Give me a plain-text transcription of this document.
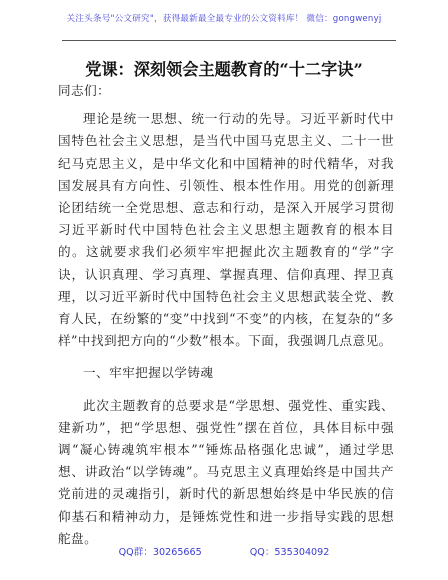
关注头条号"公文研究"，获得最新最全最专业的公文资料库！ 微信：gongwenyj
党课：深刻领会主题教育的“十二字诀”

同志们：

理论是统一思想、统一行动的先导。习近平新时代中国特色社会主义思想，是当代中国马克思主义、二十一世纪马克思主义，是中华文化和中国精神的时代精华，对我国发展具有方向性、引领性、根本性作用。用党的创新理论团结统一全党思想、意志和行动，是深入开展学习贯彻习近平新时代中国特色社会主义思想主题教育的根本目的。这就要求我们必须牢牢把握此次主题教育的“学”字诀，认识真理、学习真理、掌握真理、信仰真理、捍卫真理，以习近平新时代中国特色社会主义思想武装全党、教育人民，在纷繁的“变”中找到“不变”的内核，在复杂的“多样”中找到把方向的“少数”根本。下面，我强调几点意见。

一、牢牢把握以学铸魂

此次主题教育的总要求是“学思想、强党性、重实践、建新功”，把“学思想、强党性”摆在首位，具体目标中强调“凝心铸魂筑牢根本”“锤炼品格强化忠诚”，通过学思想、讲政治“以学铸魂”。马克思主义真理始终是中国共产党前进的灵魂指引，新时代的新思想始终是中华民族的信仰基石和精神动力，是锤炼党性和进一步指导实践的思想舵盘。

QQ群：30265665	QQ：535304092
